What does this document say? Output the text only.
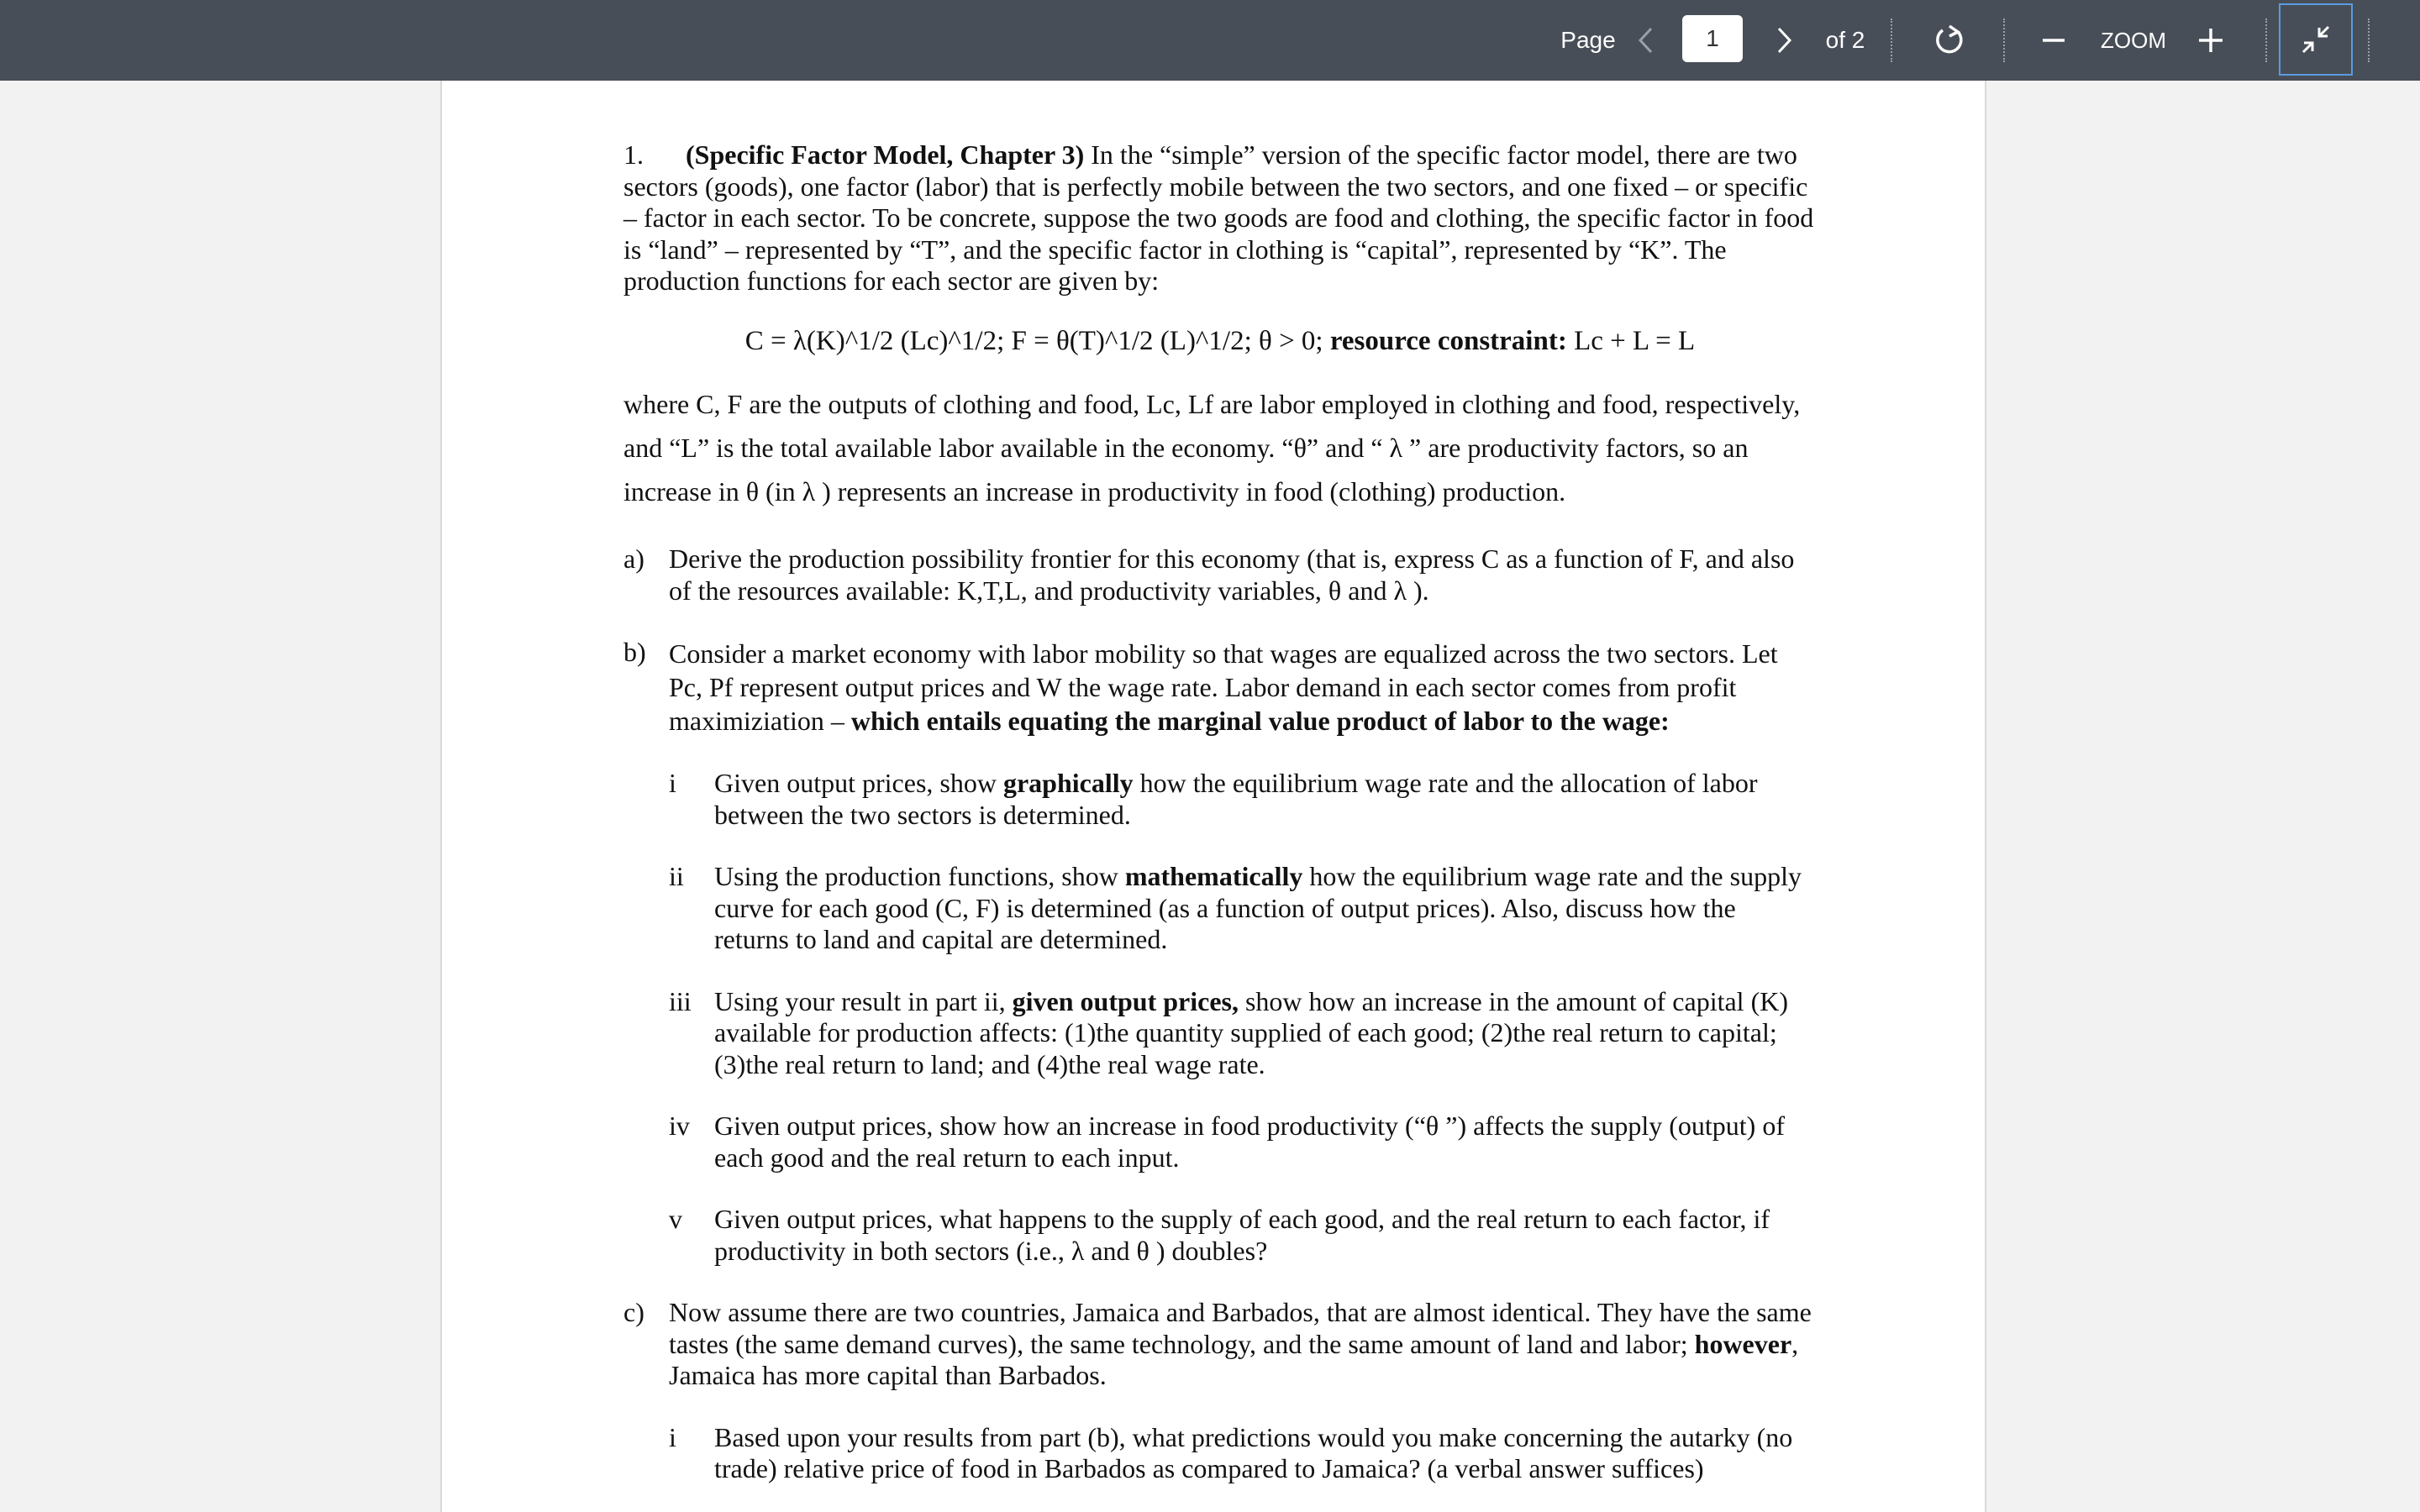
Page	1	of 2	ZOOM

1. (Specific Factor Model, Chapter 3) In the “simple” version of the specific factor model, there are two sectors (goods), one factor (labor) that is perfectly mobile between the two sectors, and one fixed – or specific – factor in each sector. To be concrete, suppose the two goods are food and clothing, the specific factor in food is “land” – represented by “T”, and the specific factor in clothing is “capital”, represented by “K”. The production functions for each sector are given by:

C = λ(K)^1/2 (Lc)^1/2; F = θ(T)^1/2 (L)^1/2; θ > 0; resource constraint: Lc + L = L

where C, F are the outputs of clothing and food, Lc, Lf are labor employed in clothing and food, respectively, and “L” is the total available labor available in the economy. “θ” and “ λ ” are productivity factors, so an increase in θ (in λ ) represents an increase in productivity in food (clothing) production.

a) Derive the production possibility frontier for this economy (that is, express C as a function of F, and also of the resources available: K,T,L, and productivity variables, θ and λ ).

b) Consider a market economy with labor mobility so that wages are equalized across the two sectors. Let Pc, Pf represent output prices and W the wage rate. Labor demand in each sector comes from profit maximiziation – which entails equating the marginal value product of labor to the wage:

i Given output prices, show graphically how the equilibrium wage rate and the allocation of labor between the two sectors is determined.

ii Using the production functions, show mathematically how the equilibrium wage rate and the supply curve for each good (C, F) is determined (as a function of output prices). Also, discuss how the returns to land and capital are determined.

iii Using your result in part ii, given output prices, show how an increase in the amount of capital (K) available for production affects: (1)the quantity supplied of each good; (2)the real return to capital; (3)the real return to land; and (4)the real wage rate.

iv Given output prices, show how an increase in food productivity (“θ ”) affects the supply (output) of each good and the real return to each input.

v Given output prices, what happens to the supply of each good, and the real return to each factor, if productivity in both sectors (i.e., λ and θ ) doubles?

c) Now assume there are two countries, Jamaica and Barbados, that are almost identical. They have the same tastes (the same demand curves), the same technology, and the same amount of land and labor; however, Jamaica has more capital than Barbados.

i Based upon your results from part (b), what predictions would you make concerning the autarky (no trade) relative price of food in Barbados as compared to Jamaica? (a verbal answer suffices)
